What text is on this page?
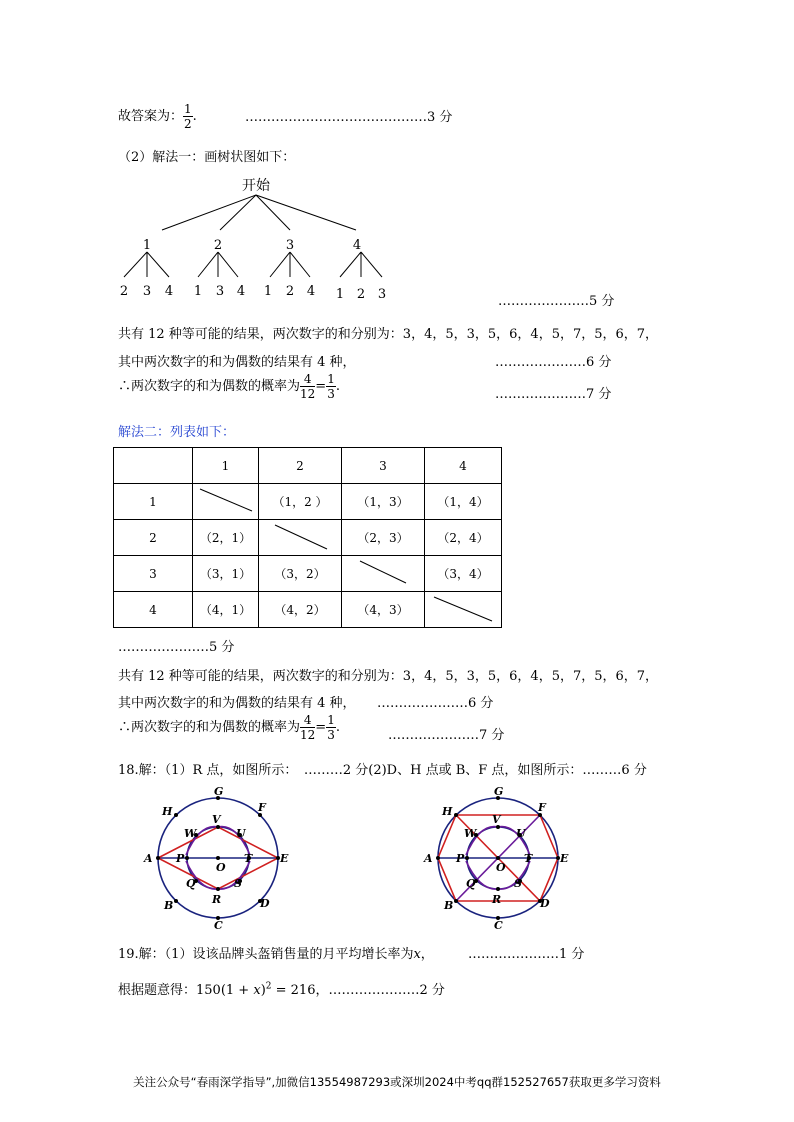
故答案为： $\frac{1}{2}$ .	……………………………………3 分
（2）解法一：画树状图如下：
开始
1	2	3	4
2 3 4 1 3 4 1 2 4 1 2 3	…………………5 分
共有 12 种等可能的结果，两次数字的和分别为：3，4，5，3，5，6，4，5，7，5，6，7，
其中两次数字的和为偶数的结果有 4 种，	…………………6 分
∴两次数字的和为偶数的概率为 $\frac{4}{12} = \frac{1}{3}$ .
…………………7 分
解法二：列表如下：
	1	2	3	4
1		（1，2 ）	（1，3）	（1，4）
2	（2，1）		（2，3）	（2，4）
3	（3，1）	（3，2）		（3，4）
4	（4，1）	（4，2）	（4，3）	
…………………5 分
共有 12 种等可能的结果，两次数字的和分别为：3，4，5，3，5，6，4，5，7，5，6，7，
其中两次数字的和为偶数的结果有 4 种， …………………6 分
∴两次数字的和为偶数的概率为 $\frac{4}{12} = \frac{1}{3}$ .
…………………7 分
18.解：（1）R 点，如图所示：　………2 分(2)D、H 点或 B、F 点，如图所示：………6 分
G
F
H
W
V
U
A P
O
T	E
Q
R
S
B	D
C
G
F
H
W
V
U
A P
O
T	E
Q
R
S
B	D
C
19.解：（1）设该品牌头盔销售量的月平均增长率为x，	…………………1 分
根据题意得：$150(1 + x)^2 = 216$，…………………2 分
关注公众号“春雨深学指导”,加微信13554987293或深圳2024中考qq群152527657获取更多学习资料
